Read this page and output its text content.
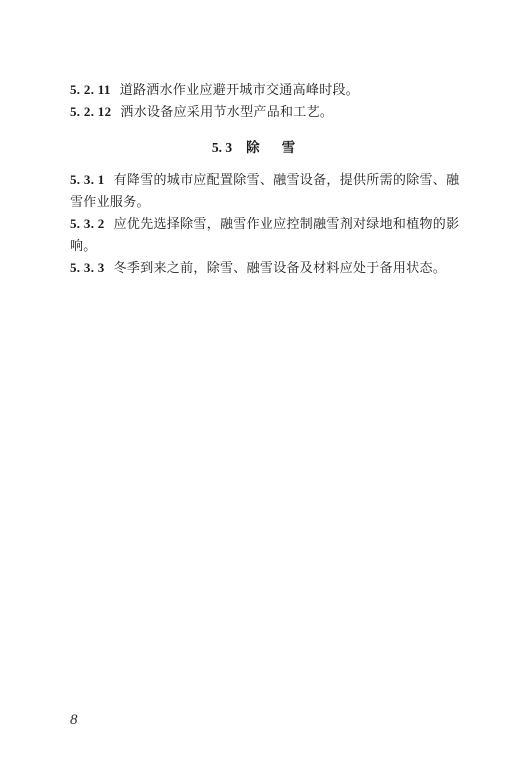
5. 2. 11 道路洒水作业应避开城市交通高峰时段。
5. 2. 12 洒水设备应采用节水型产品和工艺。
5. 3 除雪
5. 3. 1 有降雪的城市应配置除雪、融雪设备，提供所需的除雪、融雪作业服务。
5. 3. 2 应优先选择除雪，融雪作业应控制融雪剂对绿地和植物的影响。
5. 3. 3 冬季到来之前，除雪、融雪设备及材料应处于备用状态。
8
